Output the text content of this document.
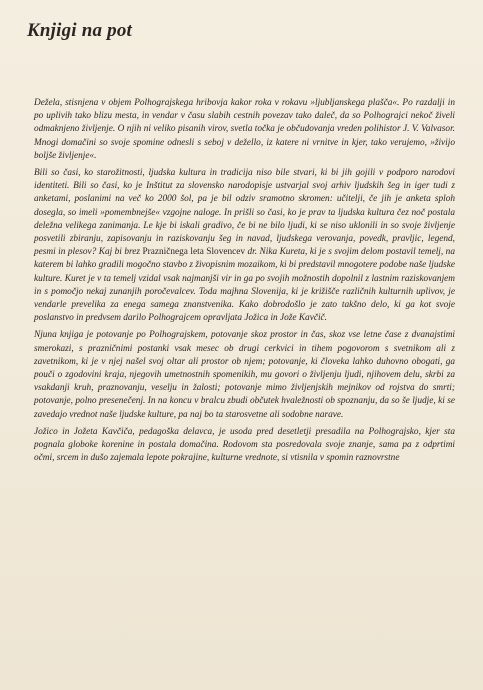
Knjigi na pot

Dežela, stisnjena v objem Polhograjskega hribovja kakor roka v rokavu »ljubljanskega plašča«. Po razdalji in po uplivih tako blizu mesta, in vendar v času slabih cestnih povezav tako daleč, da so Polhograjci nekoč živeli odmaknjeno življenje. O njih ni veliko pisanih virov, svetla točka je občudovanja vreden polihistor J. V. Valvasor. Mnogi domačini so svoje spomine odnesli s seboj v dežello, iz katere ni vrnitve in kjer, tako verujemo, »živijo boljše življenje«.

Bili so časi, ko starožitnosti, ljudska kultura in tradicija niso bile stvari, ki bi jih gojili v podporo narodovi identiteti. Bili so časi, ko je Inštitut za slovensko narodopisje ustvarjal svoj arhiv ljudskih šeg in iger tudi z anketami, poslanimi na več ko 2000 šol, pa je bil odziv sramotno skromen: učitelji, če jih je anketa sploh dosegla, so imeli »pomembnejše« vzgojne naloge. In prišli so časi, ko je prav ta ljudska kultura čez noč postala deležna velikega zanimanja. Le kje bi iskali gradivo, če bi ne bilo ljudi, ki se niso uklonili in so svoje življenje posvetili zbiranju, zapisovanju in raziskovanju šeg in navad, ljudskega verovanja, povedk, pravljic, legend, pesmi in plesov? Kaj bi brez Prazničnega leta Slovencev dr. Nika Kureta, ki je s svojim delom postavil temelj, na katerem bi lahko gradili mogočno stavbo z živopisnim mozaikom, ki bi predstavil mnogotere podobe naše ljudske kulture. Kuret je v ta temelj vzidal vsak najmanjši vir in ga po svojih možnostih dopolnil z lastnim raziskovanjem in s pomočjo nekaj zunanjih poročevalcev. Toda majhna Slovenija, ki je križišče različnih kulturnih uplivov, je vendarle prevelika za enega samega znanstvenika. Kako dobrodošlo je zato takšno delo, ki ga kot svoje poslanstvo in predvsem darilo Polhograjcem opravljata Jožica in Jože Kavčič.

Njuna knjiga je potovanje po Polhograjskem, potovanje skoz prostor in čas, skoz vse letne čase z dvanajstimi smerokazi, s prazničnimi postanki vsak mesec ob drugi cerkvici in tihem pogovorom s svetnikom ali z zavetnikom, ki je v njej našel svoj oltar ali prostor ob njem; potovanje, ki človeka lahko duhovno obogati, ga pouči o zgodovini kraja, njegovih umetnostnih spomenikih, mu govori o življenju ljudi, njihovem delu, skrbi za vsakdanji kruh, praznovanju, veselju in žalosti; potovanje mimo življenjskih mejnikov od rojstva do smrti; potovanje, polno presenečenj. In na koncu v bralcu zbudi občutek hvaležnosti ob spoznanju, da so še ljudje, ki se zavedajo vrednot naše ljudske kulture, pa naj bo ta starosvetne ali sodobne narave.

Jožico in Jožeta Kavčiča, pedagoška delavca, je usoda pred desetletji presadila na Polhograjsko, kjer sta pognala globoke korenine in postala domačina. Rodovom sta posredovala svoje znanje, sama pa z odprtimi očmi, srcem in dušo zajemala lepote pokrajine, kulturne vrednote, si vtisnila v spomin raznovrstne
